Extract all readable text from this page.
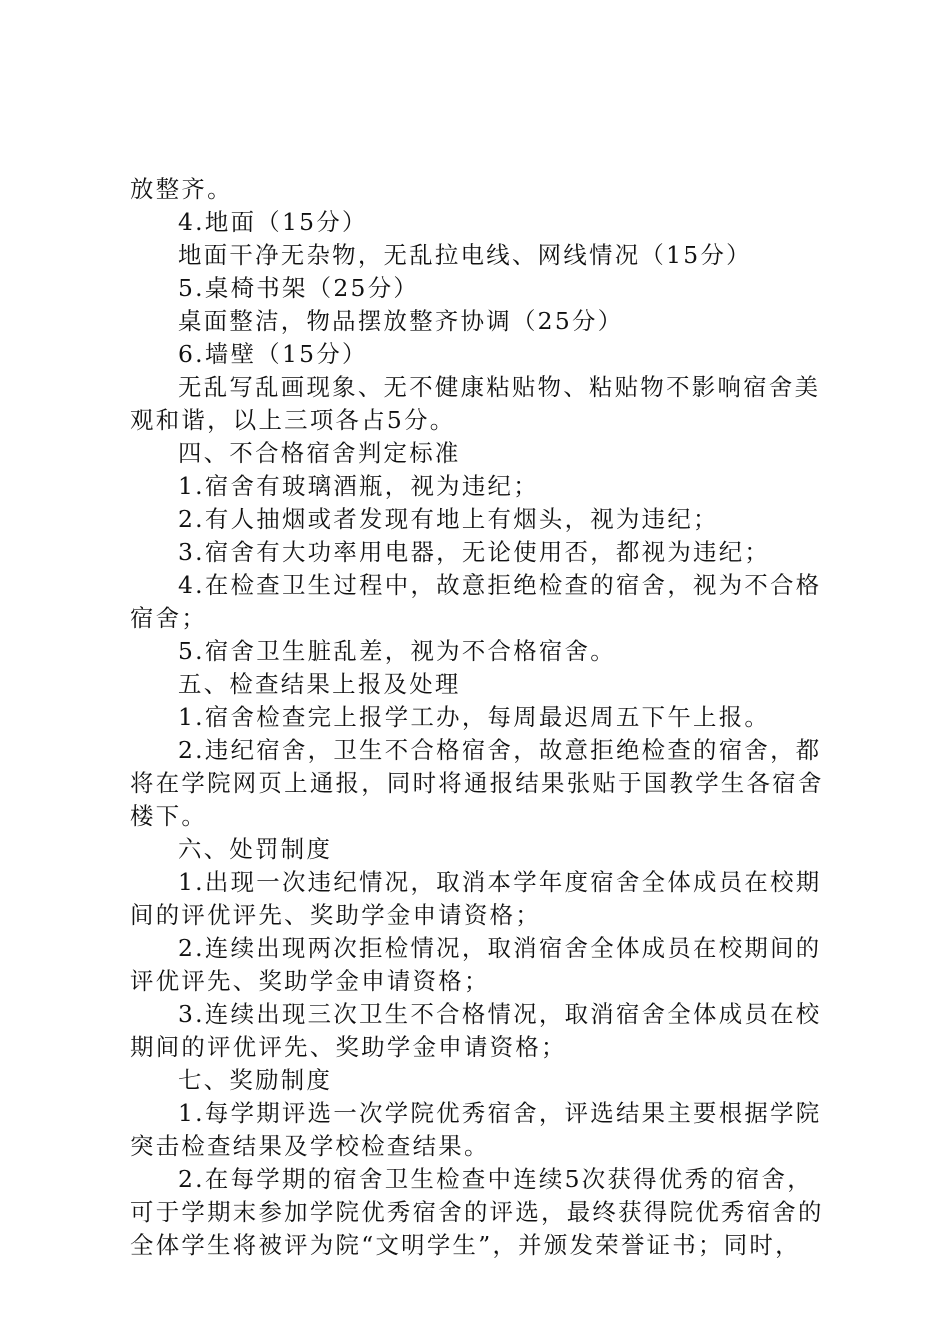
放整齐。
4.地面（15分）
地面干净无杂物，无乱拉电线、网线情况（15分）
5.桌椅书架（25分）
桌面整洁，物品摆放整齐协调（25分）
6.墙壁（15分）
无乱写乱画现象、无不健康粘贴物、粘贴物不影响宿舍美
观和谐，以上三项各占5分。
四、不合格宿舍判定标准
1.宿舍有玻璃酒瓶，视为违纪；
2.有人抽烟或者发现有地上有烟头，视为违纪；
3.宿舍有大功率用电器，无论使用否，都视为违纪；
4.在检查卫生过程中，故意拒绝检查的宿舍，视为不合格
宿舍；
5.宿舍卫生脏乱差，视为不合格宿舍。
五、检查结果上报及处理
1.宿舍检查完上报学工办，每周最迟周五下午上报。
2.违纪宿舍，卫生不合格宿舍，故意拒绝检查的宿舍，都
将在学院网页上通报，同时将通报结果张贴于国教学生各宿舍
楼下。
六、处罚制度
1.出现一次违纪情况，取消本学年度宿舍全体成员在校期
间的评优评先、奖助学金申请资格；
2.连续出现两次拒检情况，取消宿舍全体成员在校期间的
评优评先、奖助学金申请资格；
3.连续出现三次卫生不合格情况，取消宿舍全体成员在校
期间的评优评先、奖助学金申请资格；
七、奖励制度
1.每学期评选一次学院优秀宿舍，评选结果主要根据学院
突击检查结果及学校检查结果。
2.在每学期的宿舍卫生检查中连续5次获得优秀的宿舍，
可于学期末参加学院优秀宿舍的评选，最终获得院优秀宿舍的
全体学生将被评为院“文明学生”，并颁发荣誉证书；同时，
